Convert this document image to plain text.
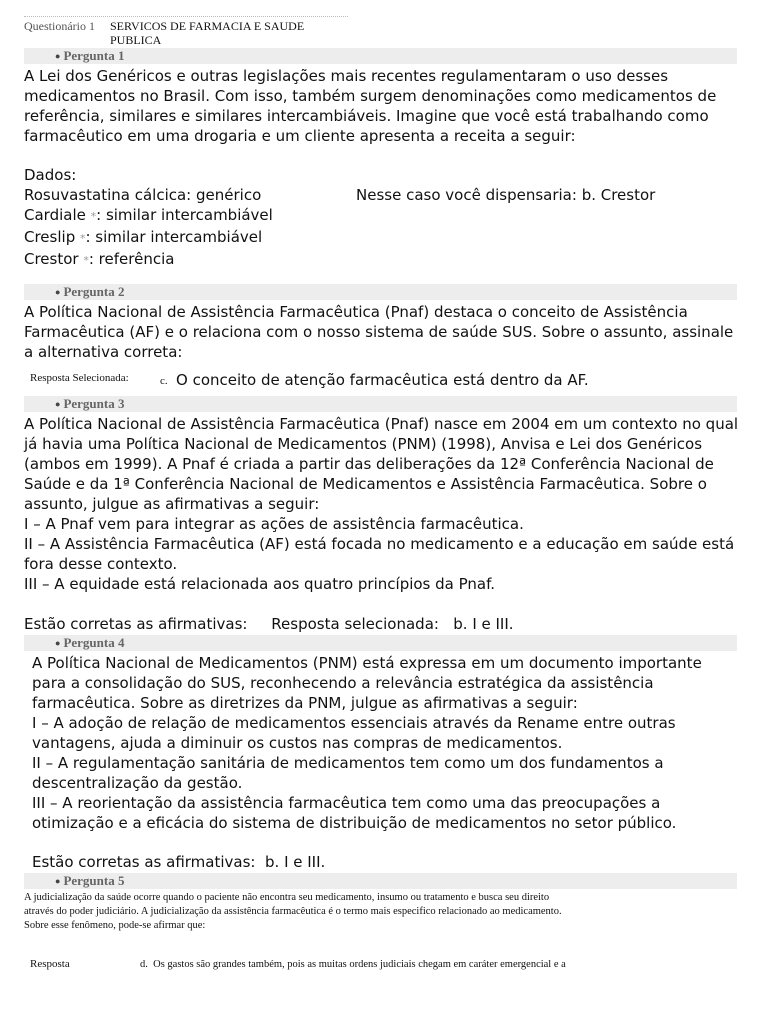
Questionário 1 SERVICOS DE FARMACIA E SAUDE
PUBLICA
● Pergunta 1
A Lei dos Genéricos e outras legislações mais recentes regulamentaram o uso desses
medicamentos no Brasil. Com isso, também surgem denominações como medicamentos de
referência, similares e similares intercambiáveis. Imagine que você está trabalhando como
farmacêutico em uma drogaria e um cliente apresenta a receita a seguir:
Dados:
Rosuvastatina cálcica: genérico
Cardiale *: similar intercambiável
Creslip *: similar intercambiável
Crestor *: referência
Nesse caso você dispensaria: b. Crestor
● Pergunta 2
A Política Nacional de Assistência Farmacêutica (Pnaf) destaca o conceito de Assistência
Farmacêutica (AF) e o relaciona com o nosso sistema de saúde SUS. Sobre o assunto, assinale
a alternativa correta:
Resposta Selecionada:	c. O conceito de atenção farmacêutica está dentro da AF.
● Pergunta 3
A Política Nacional de Assistência Farmacêutica (Pnaf) nasce em 2004 em um contexto no qual
já havia uma Política Nacional de Medicamentos (PNM) (1998), Anvisa e Lei dos Genéricos
(ambos em 1999). A Pnaf é criada a partir das deliberações da 12ª Conferência Nacional de
Saúde e da 1ª Conferência Nacional de Medicamentos e Assistência Farmacêutica. Sobre o
assunto, julgue as afirmativas a seguir:
I – A Pnaf vem para integrar as ações de assistência farmacêutica.
II – A Assistência Farmacêutica (AF) está focada no medicamento e a educação em saúde está
fora desse contexto.
III – A equidade está relacionada aos quatro princípios da Pnaf.
Estão corretas as afirmativas:     Resposta selecionada:   b. I e III.
● Pergunta 4
A Política Nacional de Medicamentos (PNM) está expressa em um documento importante
para a consolidação do SUS, reconhecendo a relevância estratégica da assistência
farmacêutica. Sobre as diretrizes da PNM, julgue as afirmativas a seguir:
I – A adoção de relação de medicamentos essenciais através da Rename entre outras
vantagens, ajuda a diminuir os custos nas compras de medicamentos.
II – A regulamentação sanitária de medicamentos tem como um dos fundamentos a
descentralização da gestão.
III – A reorientação da assistência farmacêutica tem como uma das preocupações a
otimização e a eficácia do sistema de distribuição de medicamentos no setor público.
Estão corretas as afirmativas:  b. I e III.
● Pergunta 5
A judicialização da saúde ocorre quando o paciente não encontra seu medicamento, insumo ou tratamento e busca seu direito
através do poder judiciário. A judicialização da assistência farmacêutica é o termo mais especifico relacionado ao medicamento.
Sobre esse fenômeno, pode-se afirmar que:
Resposta	d.  Os gastos são grandes também, pois as muitas ordens judiciais chegam em caráter emergencial e a
